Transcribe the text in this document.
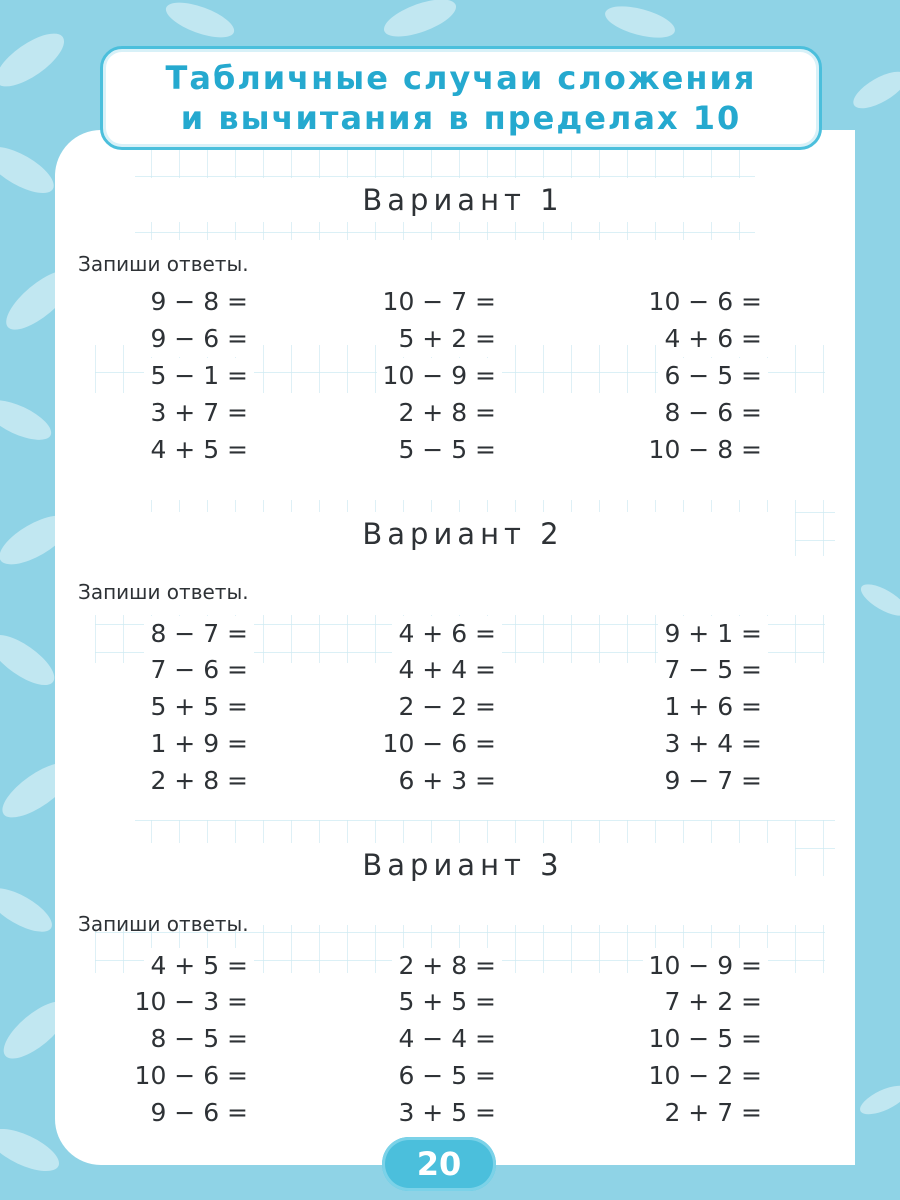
Табличные случаи сложения
и вычитания в пределах 10
Вариант 1
Запиши ответы.
9 − 8 =
9 − 6 =
5 − 1 =
3 + 7 =
4 + 5 =
10 − 7 =
5 + 2 =
10 − 9 =
2 + 8 =
5 − 5 =
10 − 6 =
4 + 6 =
6 − 5 =
8 − 6 =
10 − 8 =
Вариант 2
Запиши ответы.
8 − 7 =
7 − 6 =
5 + 5 =
1 + 9 =
2 + 8 =
4 + 6 =
4 + 4 =
2 − 2 =
10 − 6 =
6 + 3 =
9 + 1 =
7 − 5 =
1 + 6 =
3 + 4 =
9 − 7 =
Вариант 3
Запиши ответы.
4 + 5 =
10 − 3 =
8 − 5 =
10 − 6 =
9 − 6 =
2 + 8 =
5 + 5 =
4 − 4 =
6 − 5 =
3 + 5 =
10 − 9 =
7 + 2 =
10 − 5 =
10 − 2 =
2 + 7 =
20
